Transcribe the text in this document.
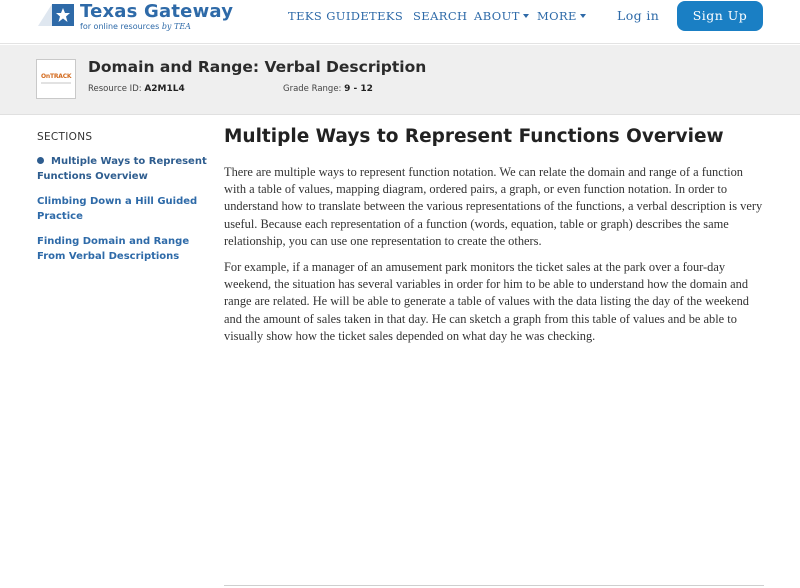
Texas Gateway
for online resources by TEA
TEKS GUIDE TEKS SEARCH ABOUT	MORE	Log in	Sign Up
OnTRACK
Domain and Range: Verbal Description
Resource ID: A2M1L4	Grade Range: 9 - 12
SECTIONS
Multiple Ways to Represent Functions Overview
Climbing Down a Hill Guided Practice
Finding Domain and Range From Verbal Descriptions
Multiple Ways to Represent Functions Overview

There are multiple ways to represent function notation. We can relate the domain and range of a function with a table of values, mapping diagram, ordered pairs, a graph, or even function notation. In order to understand how to translate between the various representations of the functions, a verbal description is very useful. Because each representation of a function (words, equation, table or graph) describes the same relationship, you can use one representation to create the others.

For example, if a manager of an amusement park monitors the ticket sales at the park over a four-day weekend, the situation has several variables in order for him to be able to understand how the domain and range are related. He will be able to generate a table of values with the data listing the day of the weekend and the amount of sales taken in that day. He can sketch a graph from this table of values and be able to visually show how the ticket sales depended on what day he was checking.
